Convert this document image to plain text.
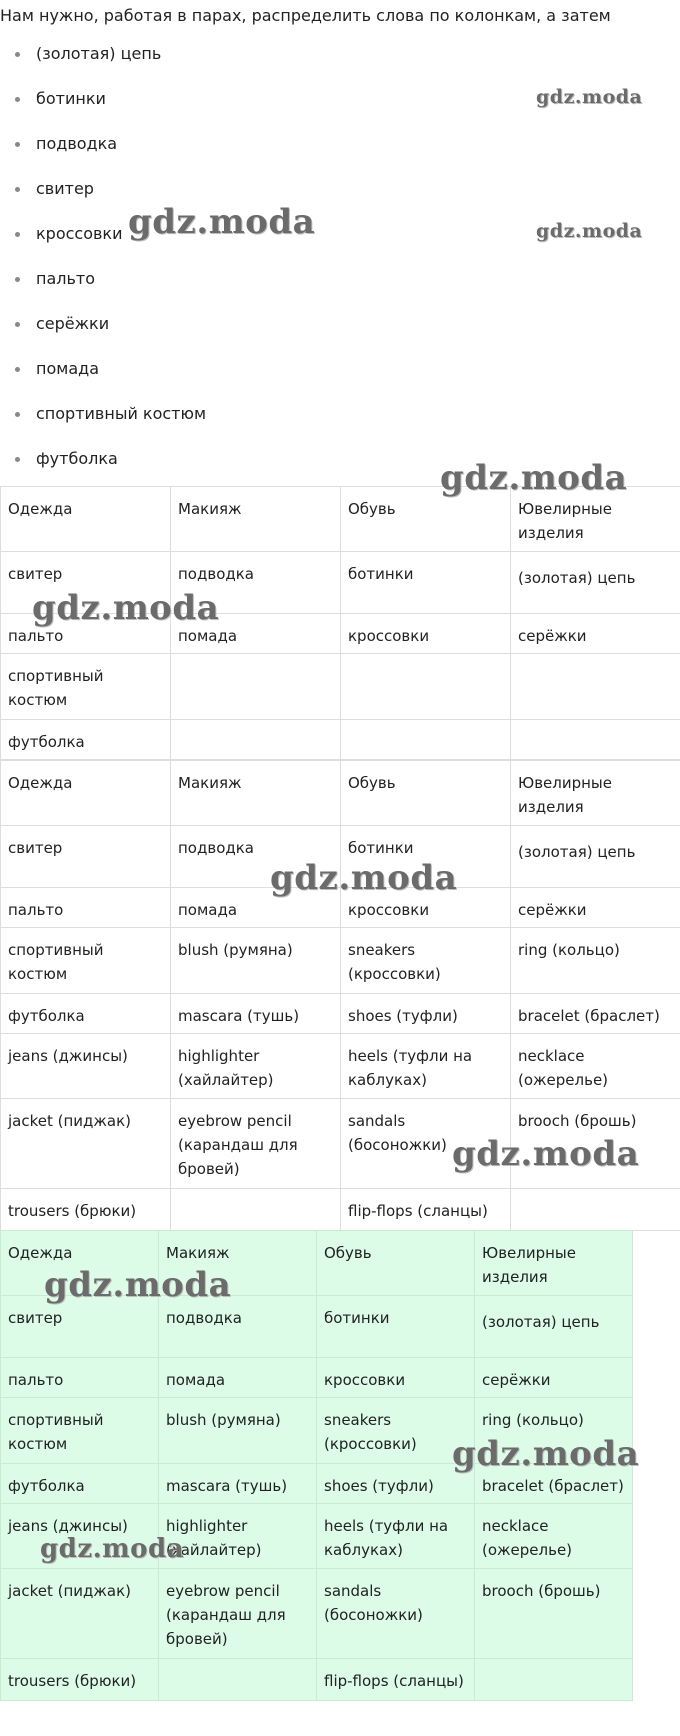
Нам нужно, работая в парах, распределить слова по колонкам, а затем
(золотая) цепь
ботинки
подводка
свитер
кроссовки
пальто
серёжки
помада
спортивный костюм
футболка
Одежда	Макияж	Обувь	Ювелирные изделия
свитер	подводка	ботинки	(золотая) цепь
пальто	помада	кроссовки	серёжки
спортивный костюм			
футболка			
Одежда	Макияж	Обувь	Ювелирные изделия
свитер	подводка	ботинки	(золотая) цепь
пальто	помада	кроссовки	серёжки
спортивный костюм	blush (румяна)	sneakers (кроссовки)	ring (кольцо)
футболка	mascara (тушь)	shoes (туфли)	bracelet (браслет)
jeans (джинсы)	highlighter (хайлайтер)	heels (туфли на каблуках)	necklace (ожерелье)
jacket (пиджак)	eyebrow pencil (карандаш для бровей)	sandals (босоножки)	brooch (брошь)
trousers (брюки)		flip-flops (сланцы)	
Одежда	Макияж	Обувь	Ювелирные изделия
свитер	подводка	ботинки	(золотая) цепь
пальто	помада	кроссовки	серёжки
спортивный костюм	blush (румяна)	sneakers (кроссовки)	ring (кольцо)
футболка	mascara (тушь)	shoes (туфли)	bracelet (браслет)
jeans (джинсы)	highlighter (хайлайтер)	heels (туфли на каблуках)	necklace (ожерелье)
jacket (пиджак)	eyebrow pencil (карандаш для бровей)	sandals (босоножки)	brooch (брошь)
trousers (брюки)		flip-flops (сланцы)	
gdz.moda
gdz.moda	gdz.moda
gdz.moda
gdz.moda
gdz.moda
gdz.moda
gdz.moda
gdz.moda
gdz.moda
